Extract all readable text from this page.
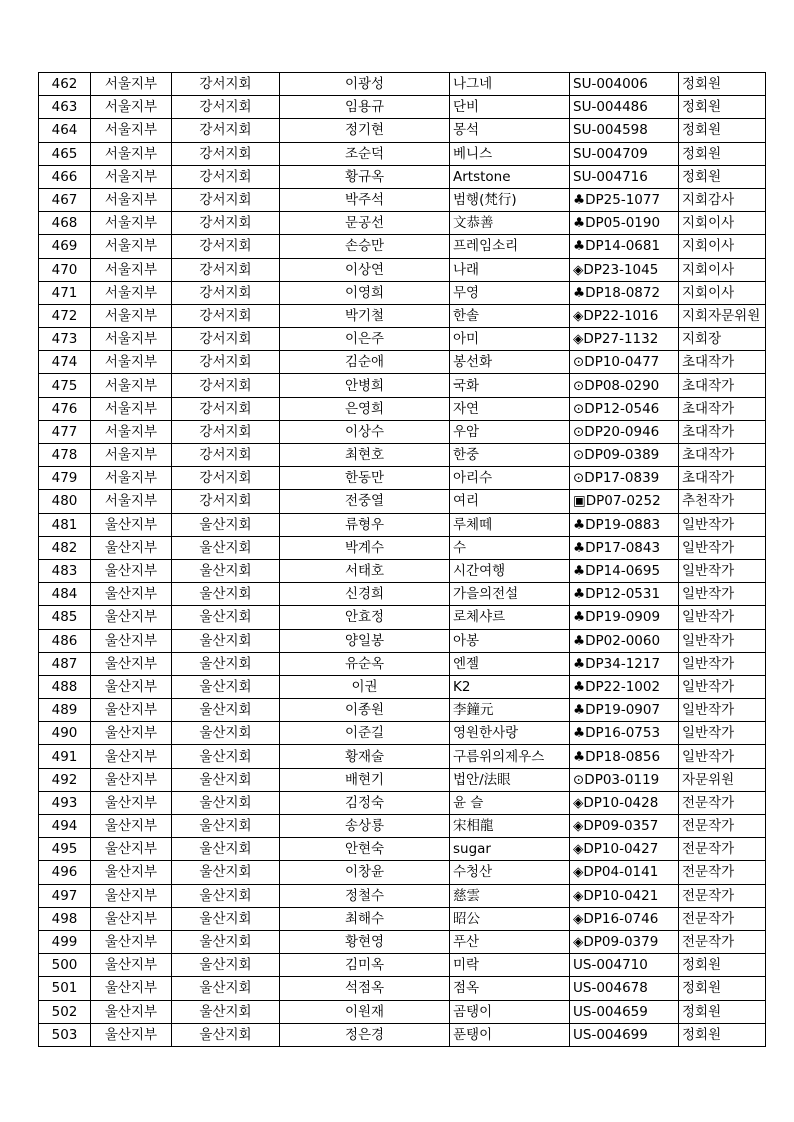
462	서울지부	강서지회	이광성	나그네	SU-004006	정회원
463	서울지부	강서지회	임용규	단비	SU-004486	정회원
464	서울지부	강서지회	정기현	몽석	SU-004598	정회원
465	서울지부	강서지회	조순덕	베니스	SU-004709	정회원
466	서울지부	강서지회	황규옥	Artstone	SU-004716	정회원
467	서울지부	강서지회	박주석	범행(梵行)	♣DP25-1077	지회감사
468	서울지부	강서지회	문공선	文恭善	♣DP05-0190	지회이사
469	서울지부	강서지회	손승만	프레임소리	♣DP14-0681	지회이사
470	서울지부	강서지회	이상연	나래	◈DP23-1045	지회이사
471	서울지부	강서지회	이영희	무영	♣DP18-0872	지회이사
472	서울지부	강서지회	박기철	한솔	◈DP22-1016	지회자문위원
473	서울지부	강서지회	이은주	아미	◈DP27-1132	지회장
474	서울지부	강서지회	김순애	봉선화	⊙DP10-0477	초대작가
475	서울지부	강서지회	안병희	국화	⊙DP08-0290	초대작가
476	서울지부	강서지회	은영희	자연	⊙DP12-0546	초대작가
477	서울지부	강서지회	이상수	우암	⊙DP20-0946	초대작가
478	서울지부	강서지회	최현호	한중	⊙DP09-0389	초대작가
479	서울지부	강서지회	한동만	아리수	⊙DP17-0839	초대작가
480	서울지부	강서지회	전중열	여리	▣DP07-0252	추천작가
481	울산지부	울산지회	류형우	루체떼	♣DP19-0883	일반작가
482	울산지부	울산지회	박계수	수	♣DP17-0843	일반작가
483	울산지부	울산지회	서태호	시간여행	♣DP14-0695	일반작가
484	울산지부	울산지회	신경희	가을의전설	♣DP12-0531	일반작가
485	울산지부	울산지회	안효정	로체샤르	♣DP19-0909	일반작가
486	울산지부	울산지회	양일봉	아봉	♣DP02-0060	일반작가
487	울산지부	울산지회	유순옥	엔젤	♣DP34-1217	일반작가
488	울산지부	울산지회	이권	K2	♣DP22-1002	일반작가
489	울산지부	울산지회	이종원	李鐘元	♣DP19-0907	일반작가
490	울산지부	울산지회	이준길	영원한사랑	♣DP16-0753	일반작가
491	울산지부	울산지회	황재술	구름위의제우스	♣DP18-0856	일반작가
492	울산지부	울산지회	배현기	법안/法眼	⊙DP03-0119	자문위원
493	울산지부	울산지회	김정숙	윤 슬	◈DP10-0428	전문작가
494	울산지부	울산지회	송상룡	宋相龍	◈DP09-0357	전문작가
495	울산지부	울산지회	안현숙	sugar	◈DP10-0427	전문작가
496	울산지부	울산지회	이창윤	수청산	◈DP04-0141	전문작가
497	울산지부	울산지회	정철수	慈雲	◈DP10-0421	전문작가
498	울산지부	울산지회	최해수	昭公	◈DP16-0746	전문작가
499	울산지부	울산지회	황현영	푸산	◈DP09-0379	전문작가
500	울산지부	울산지회	김미옥	미락	US-004710	정회원
501	울산지부	울산지회	석점옥	점옥	US-004678	정회원
502	울산지부	울산지회	이원재	곰탱이	US-004659	정회원
503	울산지부	울산지회	정은경	푼탱이	US-004699	정회원
